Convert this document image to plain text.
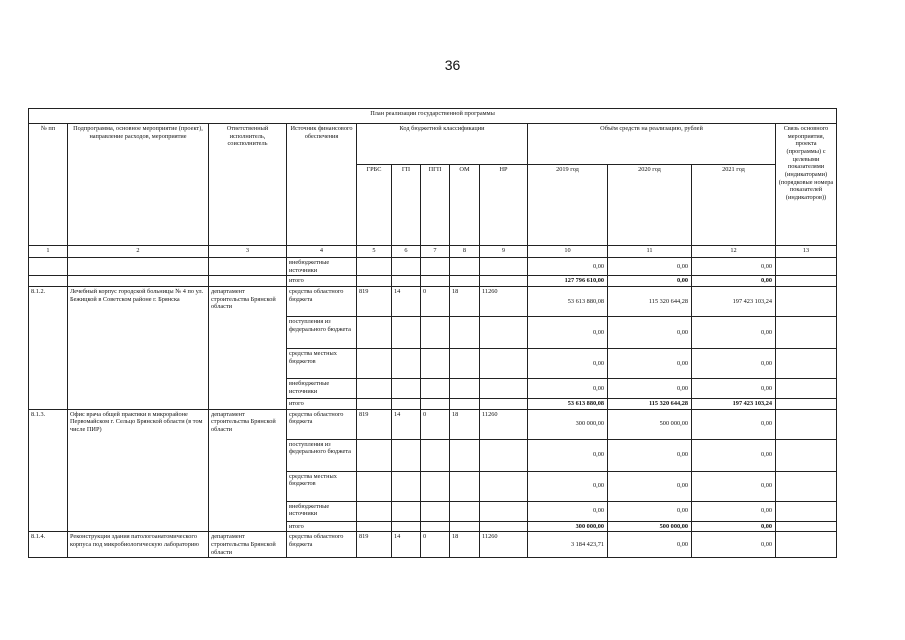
36
План реализации государственной программы												
№ пп	Подпрограмма, основное мероприятие (проект), направление расходов, мероприятие	Ответственный исполнитель, соисполнитель	Источник финансового обеспечения	Код бюджетной классификации					Объём средств на реализацию, рублей			Связь основного мероприятия, проекта (программы) с целевыми показателями (индикаторами) (порядковые номера показателей (индикаторов))
				ГРБС	ГП	ПГП	ОМ	НР	2019 год	2020 год	2021 год	
1	2	3	4	5	6	7	8	9	10	11	12	13
			внебюджетные источники						0,00	0,00	0,00	
			итого						127 796 610,00	0,00	0,00	
8.1.2.	Лечебный корпус городской больницы № 4 по ул. Бежицкой в Советском районе г. Брянска	департамент строительства Брянской области	средства областного бюджета	819	14	0	18	11260	53 613 880,08	115 320 644,28	197 423 103,24	
			поступления из федерального бюджета						0,00	0,00	0,00	
			средства местных бюджетов						0,00	0,00	0,00	
			внебюджетные источники						0,00	0,00	0,00	
			итого						53 613 880,08	115 320 644,28	197 423 103,24	
8.1.3.	Офис врача общей практики в микрорайоне Первомайском г. Сельцо Брянской области (в том числе ПИР)	департамент строительства Брянской области	средства областного бюджета	819	14	0	18	11260	300 000,00	500 000,00	0,00	
			поступления из федерального бюджета						0,00	0,00	0,00	
			средства местных бюджетов						0,00	0,00	0,00	
			внебюджетные источники						0,00	0,00	0,00	
			итого						300 000,00	500 000,00	0,00	
8.1.4.	Реконструкция здания патологоанатомического корпуса под микробиологическую лабораторию	департамент строительства Брянской области	средства областного бюджета	819	14	0	18	11260	3 184 423,71	0,00	0,00	
